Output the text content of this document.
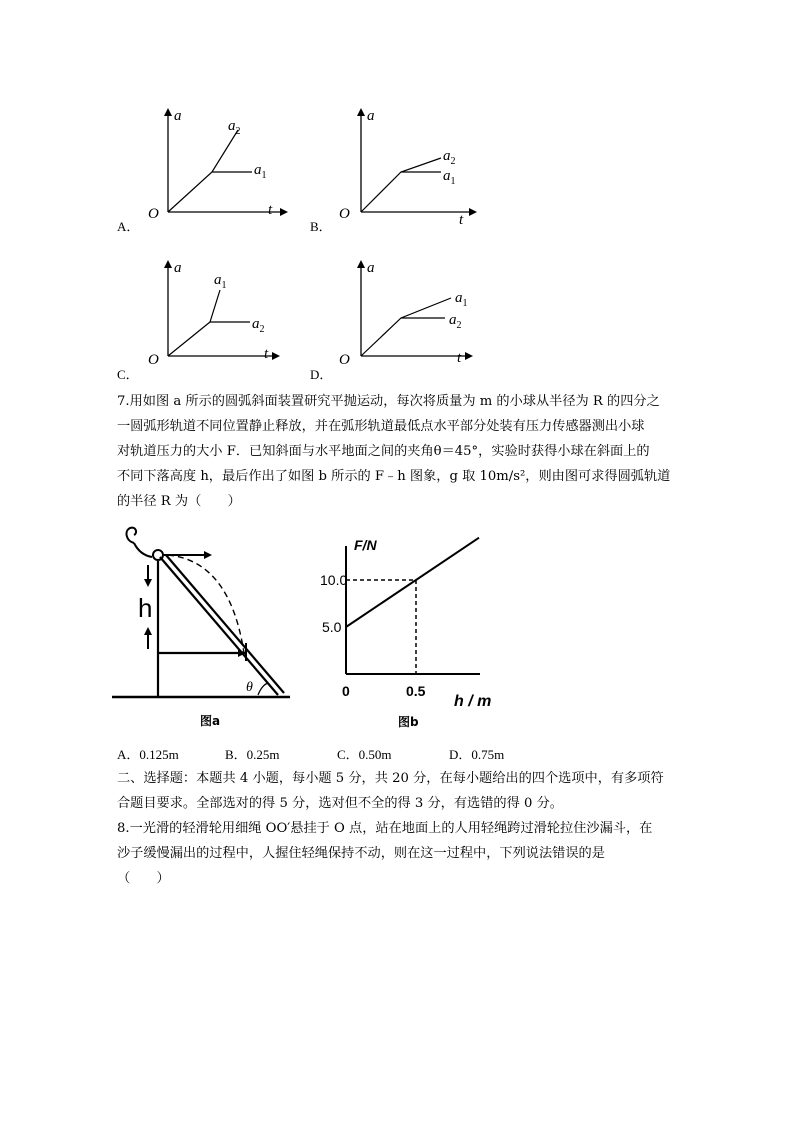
a
t
O
$a_2$
$a_1$
A．
a
t
O
$a_2$
$a_1$
B．
a
t
O
$a_1$
$a_2$
C．
a
t
O
$a_1$
$a_2$
D．
7.用如图 a 所示的圆弧斜面装置研究平抛运动，每次将质量为 m 的小球从半径为 R 的四分之
一圆弧形轨道不同位置静止释放，并在弧形轨道最低点水平部分处装有压力传感器测出小球
对轨道压力的大小 F．已知斜面与水平地面之间的夹角θ＝45°，实验时获得小球在斜面上的
不同下落高度 h，最后作出了如图 b 所示的 F﹣h 图象，g 取 10m/s²，则由图可求得圆弧轨道
的半径 R 为（　　）
h
θ
图a
F/N
h / m
10.0
5.0
0	0.5
图b
A．0.125m	B．0.25m	C．0.50m	D．0.75m
二、选择题：本题共 4 小题，每小题 5 分，共 20 分，在每小题给出的四个选项中，有多项符
合题目要求。全部选对的得 5 分，选对但不全的得 3 分，有选错的得 0 分。
8.一光滑的轻滑轮用细绳 OO′悬挂于 O 点，站在地面上的人用轻绳跨过滑轮拉住沙漏斗，在
沙子缓慢漏出的过程中，人握住轻绳保持不动，则在这一过程中，下列说法错误的是
（　　）
